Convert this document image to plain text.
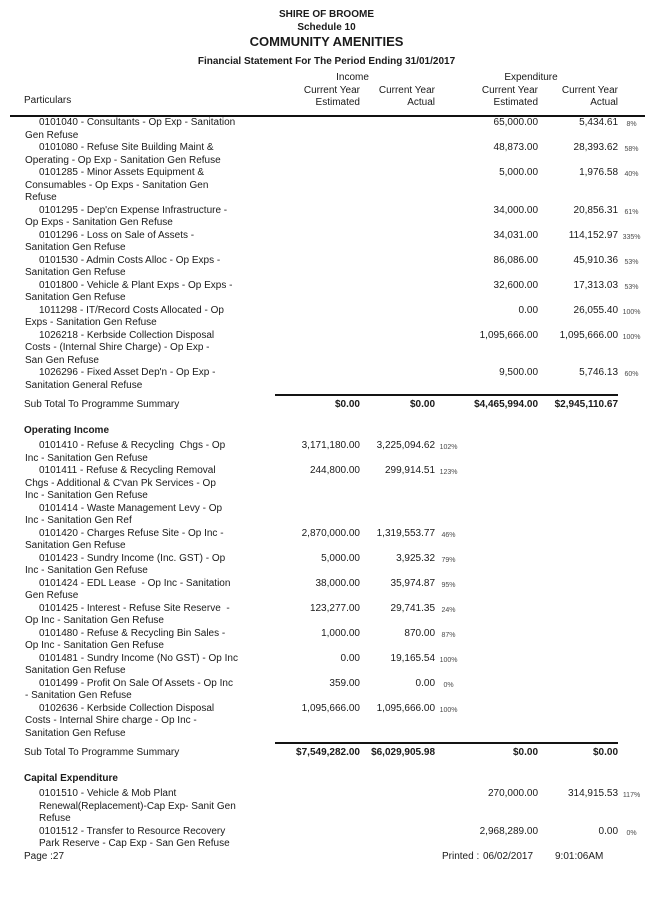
SHIRE OF BROOME
Schedule 10
COMMUNITY AMENITIES
Financial Statement For The Period Ending 31/01/2017
	Income			Expenditure		
Particulars	
Current Year
Estimated

Current Year
Actual

Current Year
Estimated

Current Year
Actual

0101040 - Consultants - Op Exp - Sanitation
Gen Refuse				65,000.00	5,434.61	8%

0101080 - Refuse Site Building Maint &
Operating - Op Exp - Sanitation Gen Refuse				48,873.00	28,393.62	58%

0101285 - Minor Assets Equipment &
Consumables - Op Exps - Sanitation Gen
Refuse				5,000.00	1,976.58	40%

0101295 - Dep'cn Expense Infrastructure -
Op Exps - Sanitation Gen Refuse				34,000.00	20,856.31	61%

0101296 - Loss on Sale of Assets -
Sanitation Gen Refuse				34,031.00	114,152.97	335%

0101530 - Admin Costs Alloc - Op Exps -
Sanitation Gen Refuse				86,086.00	45,910.36	53%

0101800 - Vehicle & Plant Exps - Op Exps -
Sanitation Gen Refuse				32,600.00	17,313.03	53%

1011298 - IT/Record Costs Allocated - Op
Exps - Sanitation Gen Refuse				0.00	26,055.40	100%

1026218 - Kerbside Collection Disposal
Costs - (Internal Shire Charge) - Op Exp -
San Gen Refuse				1,095,666.00	1,095,666.00	100%

1026296 - Fixed Asset Dep'n - Op Exp -
Sanitation General Refuse				9,500.00	5,746.13	60%

Sub Total To Programme Summary	$0.00	$0.00		$4,465,994.00	$2,945,110.67	
Operating Income						

0101410 - Refuse & Recycling  Chgs - Op
Inc - Sanitation Gen Refuse	3,171,180.00	3,225,094.62	102%			

0101411 - Refuse & Recycling Removal
Chgs - Additional & C'van Pk Services - Op
Inc - Sanitation Gen Refuse	244,800.00	299,914.51	123%			

0101414 - Waste Management Levy - Op
Inc - Sanitation Gen Ref						

0101420 - Charges Refuse Site - Op Inc -
Sanitation Gen Refuse	2,870,000.00	1,319,553.77	46%			

0101423 - Sundry Income (Inc. GST) - Op
Inc - Sanitation Gen Refuse	5,000.00	3,925.32	79%			

0101424 - EDL Lease  - Op Inc - Sanitation
Gen Refuse	38,000.00	35,974.87	95%			

0101425 - Interest - Refuse Site Reserve  -
Op Inc - Sanitation Gen Refuse	123,277.00	29,741.35	24%			

0101480 - Refuse & Recycling Bin Sales -
Op Inc - Sanitation Gen Refuse	1,000.00	870.00	87%			

0101481 - Sundry Income (No GST) - Op Inc
Sanitation Gen Refuse	0.00	19,165.54	100%			

0101499 - Profit On Sale Of Assets - Op Inc
- Sanitation Gen Refuse	359.00	0.00	0%			

0102636 - Kerbside Collection Disposal
Costs - Internal Shire charge - Op Inc -
Sanitation Gen Refuse	1,095,666.00	1,095,666.00	100%			

Sub Total To Programme Summary	$7,549,282.00	$6,029,905.98		$0.00	$0.00	
Capital Expenditure						

0101510 - Vehicle & Mob Plant
Renewal(Replacement)-Cap Exp- Sanit Gen
Refuse				270,000.00	314,915.53	117%

0101512 - Transfer to Resource Recovery
Park Reserve - Cap Exp - San Gen Refuse				2,968,289.00	0.00	0%
Page :27	Printed : 06/02/2017 9:01:06AM
